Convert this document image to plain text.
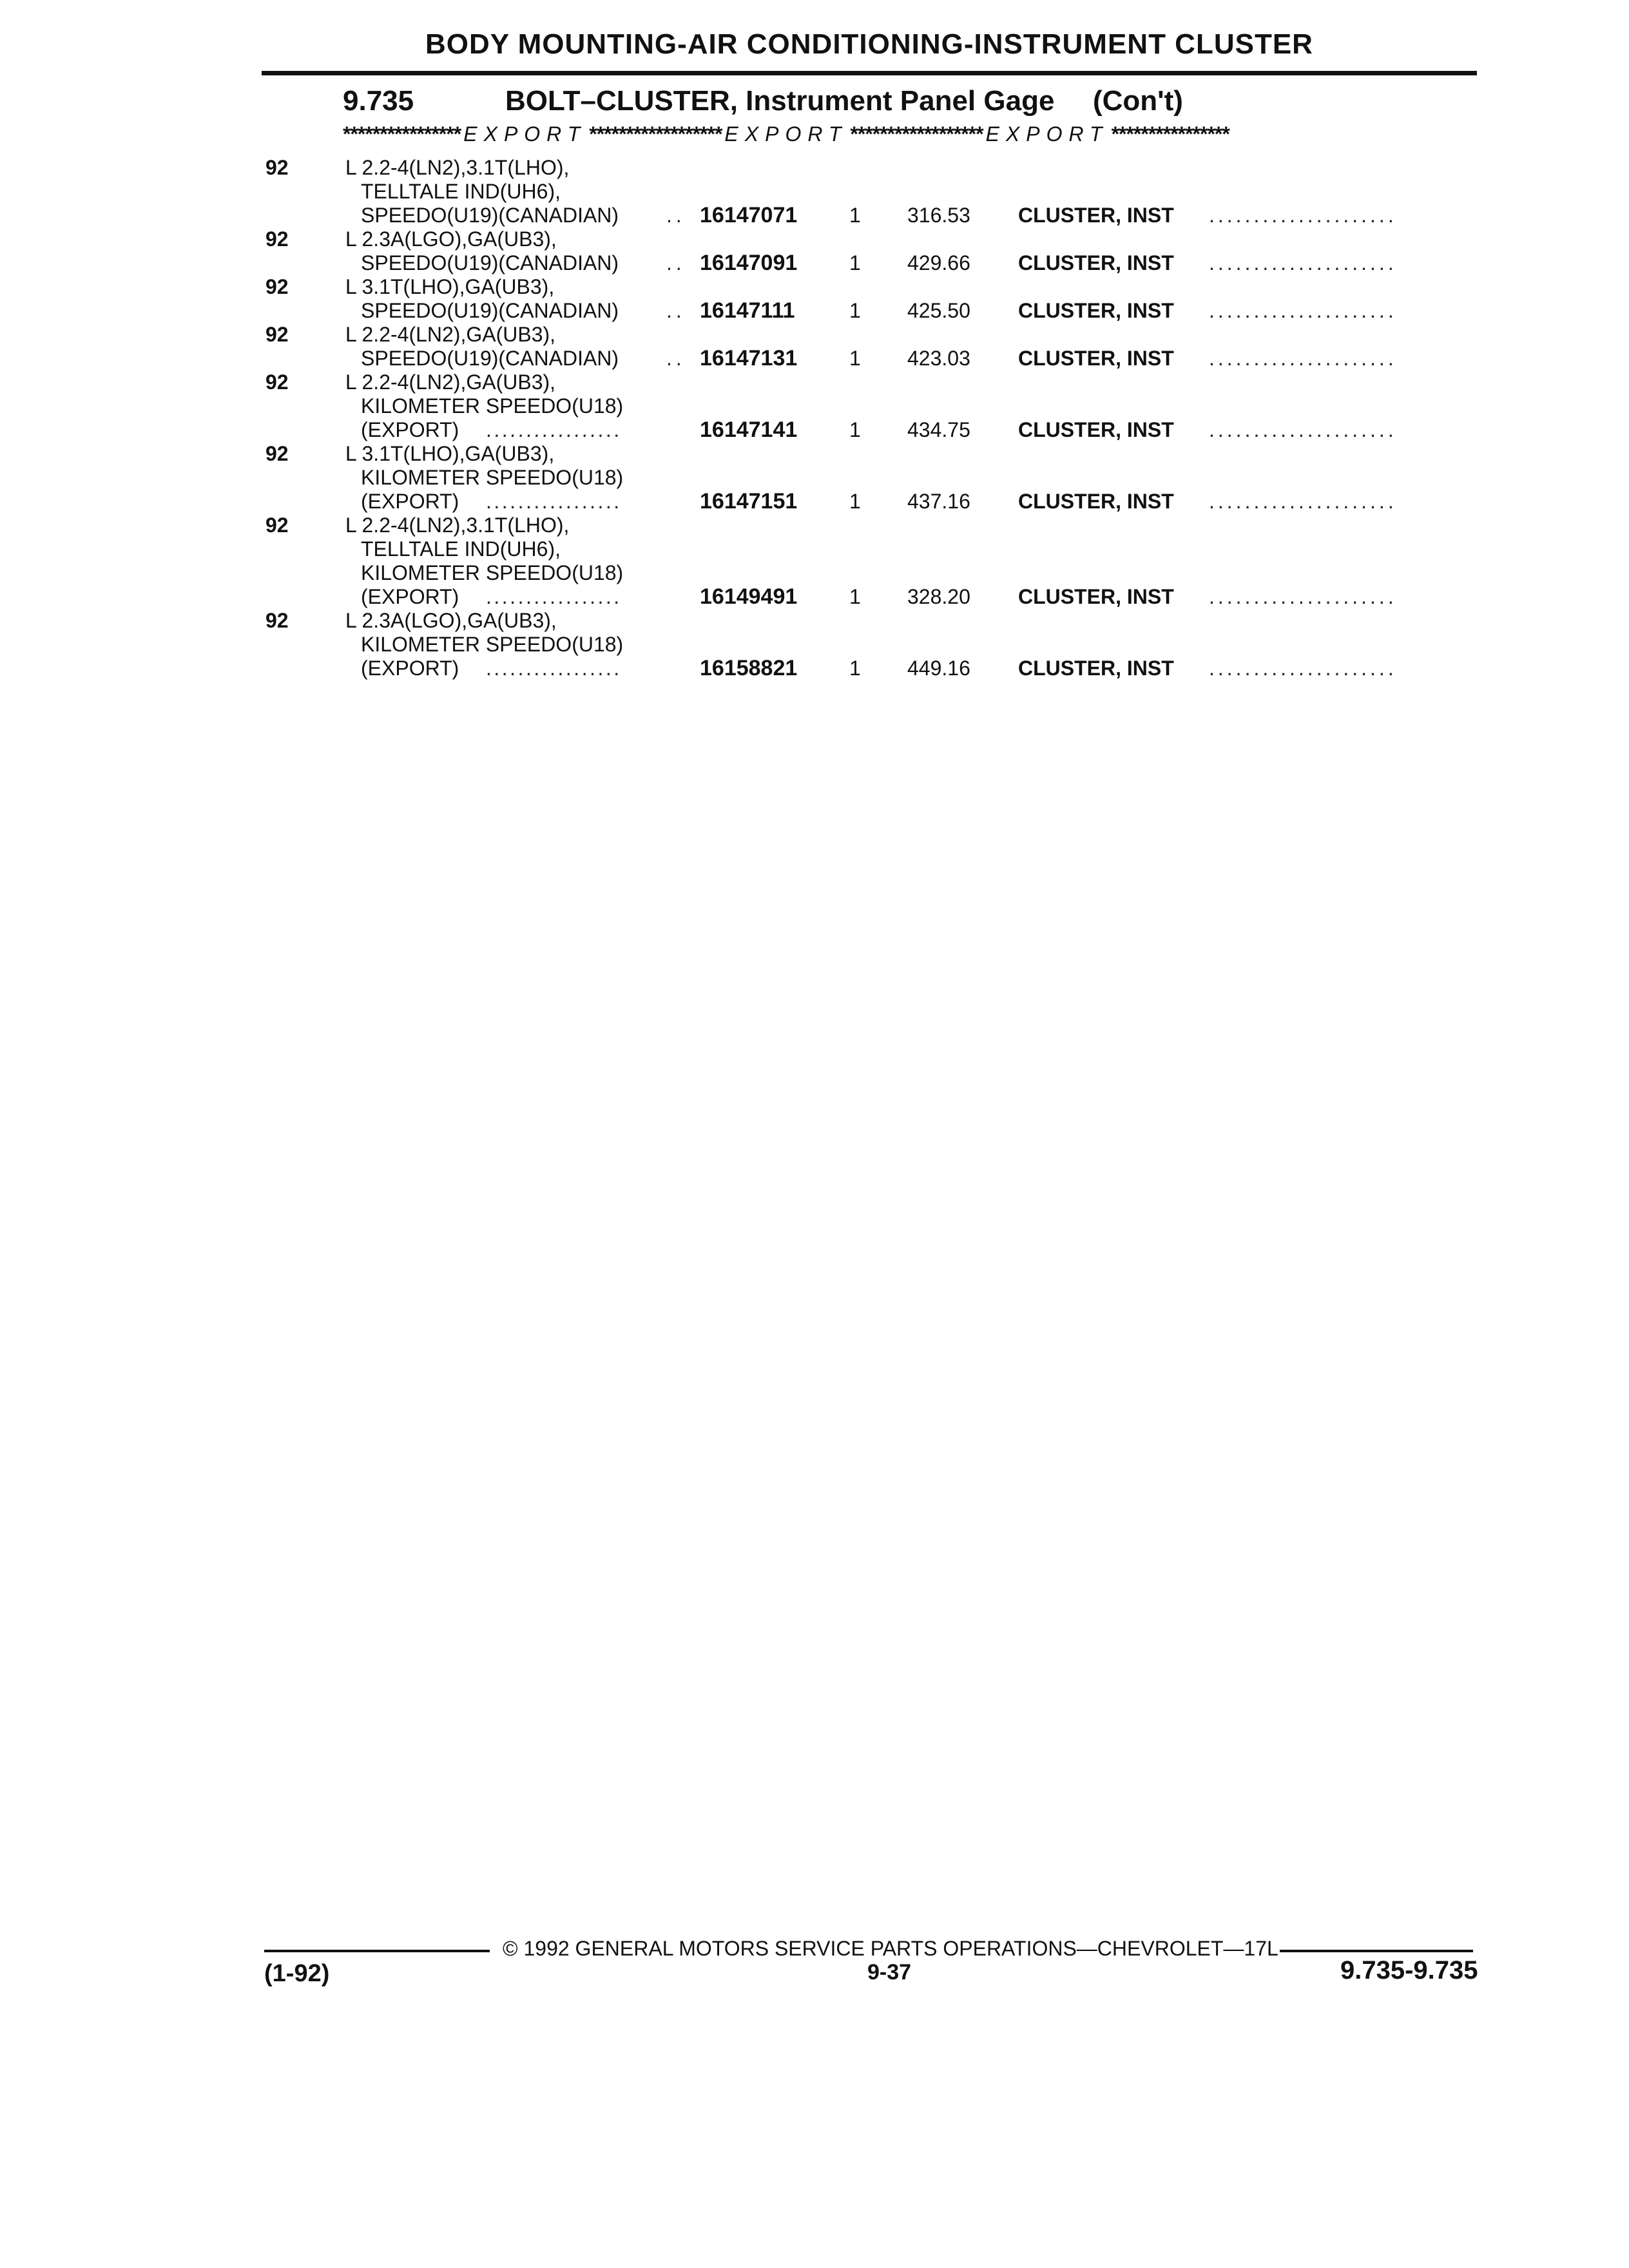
BODY MOUNTING-AIR CONDITIONING-INSTRUMENT CLUSTER
9.735	BOLT–CLUSTER, Instrument Panel Gage (Con't)
**************** EXPORT ****************** EXPORT ****************** EXPORT ****************
92	L 2.2-4(LN2),3.1T(LHO),
TELLTALE IND(UH6),
SPEEDO(U19)(CANADIAN) .. 16147071	1 316.53 CLUSTER, INST .....................
92	L 2.3A(LGO),GA(UB3),
SPEEDO(U19)(CANADIAN) .. 16147091	1 429.66 CLUSTER, INST .....................
92	L 3.1T(LHO),GA(UB3),
SPEEDO(U19)(CANADIAN) .. 16147111	1 425.50 CLUSTER, INST .....................
92	L 2.2-4(LN2),GA(UB3),
SPEEDO(U19)(CANADIAN) .. 16147131	1 423.03 CLUSTER, INST .....................
92	L 2.2-4(LN2),GA(UB3),
KILOMETER SPEEDO(U18)
(EXPORT)	.................	16147141	1 434.75 CLUSTER, INST .....................
92	L 3.1T(LHO),GA(UB3),
KILOMETER SPEEDO(U18)
(EXPORT)	.................	16147151	1 437.16 CLUSTER, INST .....................
92	L 2.2-4(LN2),3.1T(LHO),
TELLTALE IND(UH6),
KILOMETER SPEEDO(U18)
(EXPORT)	.................	16149491	1 328.20 CLUSTER, INST .....................
92	L 2.3A(LGO),GA(UB3),
KILOMETER SPEEDO(U18)
(EXPORT)	.................	16158821	1 449.16 CLUSTER, INST .....................
© 1992 GENERAL MOTORS SERVICE PARTS OPERATIONS—CHEVROLET—17L
(1-92)	9-37	9.735-9.735
